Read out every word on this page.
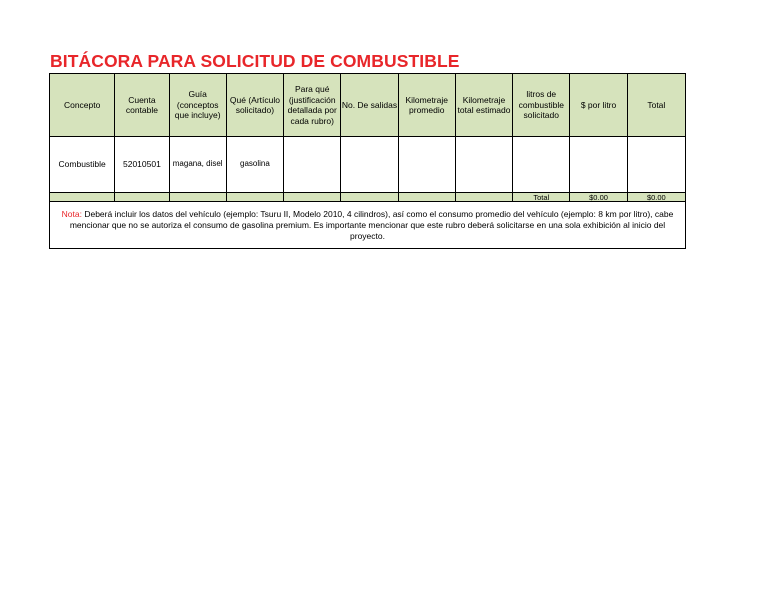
BITÁCORA PARA SOLICITUD DE COMBUSTIBLE
Concepto	Cuenta contable	Guía (conceptos que incluye)	Qué (Artículo solicitado)	Para qué (justificación detallada por cada rubro)	No. De salidas	Kilometraje promedio	Kilometraje total estimado	litros de combustible solicitado	$ por litro	Total
Combustible	52010501	magana, disel	gasolina							
								Total	$0.00	$0.00
Nota: Deberá incluir los datos del vehículo (ejemplo: Tsuru II, Modelo 2010, 4 cilindros), así como el consumo promedio del vehículo (ejemplo: 8 km por litro), cabe mencionar que no se autoriza el consumo de gasolina premium. Es importante mencionar que este rubro deberá solicitarse en una sola exhibición al inicio del proyecto.										
